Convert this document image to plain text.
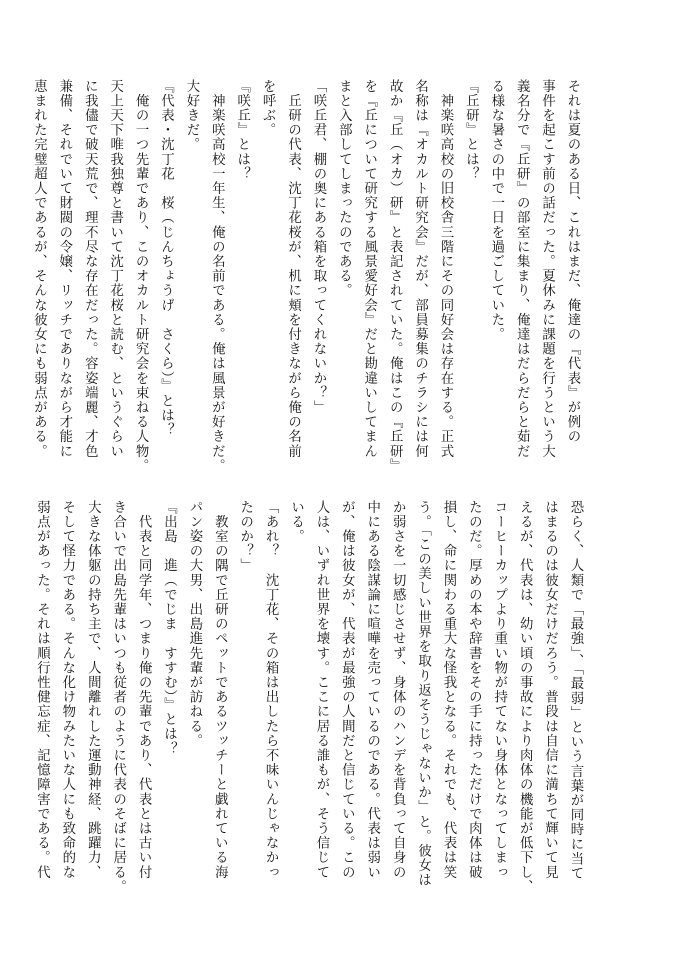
それは夏のある日、これはまだ、俺達の『代表』が例の
事件を起こす前の話だった。夏休みに課題を行うという大
義名分で『丘研』の部室に集まり、俺達はだらだらと茹だ
る様な暑さの中で一日を過ごしていた。
『丘研』とは？
　神楽咲高校の旧校舎三階にその同好会は存在する。正式
名称は『オカルト研究会』だが、部員募集のチラシには何
故か『丘（オカ）研』と表記されていた。俺はこの『丘研』
を『丘について研究する風景愛好会』だと勘違いしてまん
まと入部してしまったのである。
「咲丘君、棚の奥にある箱を取ってくれないか？」
　丘研の代表、沈丁花桜が、机に頬を付きながら俺の名前
を呼ぶ。
『咲丘』とは？
　神楽咲高校一年生、俺の名前である。俺は風景が好きだ。
大好きだ。
『代表・沈丁花　桜（じんちょうげ　さくら）』とは？
　俺の一つ先輩であり、このオカルト研究会を束ねる人物。
天上天下唯我独尊と書いて沈丁花桜と読む、というぐらい
に我儘で破天荒で、理不尽な存在だった。容姿端麗、才色
兼備、それでいて財閥の令嬢、リッチでありながら才能に
恵まれた完璧超人であるが、そんな彼女にも弱点がある。
恐らく、人類で「最強」、「最弱」という言葉が同時に当て
はまるのは彼女だけだろう。普段は自信に満ちて輝いて見
えるが、代表は、幼い頃の事故により肉体の機能が低下し、
コーヒーカップより重い物が持てない身体となってしまっ
たのだ。厚めの本や辞書をその手に持っただけで肉体は破
損し、命に関わる重大な怪我となる。それでも、代表は笑
う。「この美しい世界を取り返そうじゃないか」と。彼女は
か弱さを一切感じさせず、身体のハンデを背負って自身の
中にある陰謀論に喧嘩を売っているのである。代表は弱い
が、俺は彼女が、代表が最強の人間だと信じている。この
人は、いずれ世界を壊す。ここに居る誰もが、そう信じて
いる。
「あれ？　沈丁花、その箱は出したら不味いんじゃなかっ
たのか？」
　教室の隅で丘研のペットであるツッチーと戯れている海
パン姿の大男、出島進先輩が訪ねる。
『出島　進（でじま　すすむ）』とは？
　代表と同学年、つまり俺の先輩であり、代表とは古い付
き合いで出島先輩はいつも従者のように代表のそばに居る。
大きな体躯の持ち主で、人間離れした運動神経、跳躍力、
そして怪力である。そんな化け物みたいな人にも致命的な
弱点があった。それは順行性健忘症、記憶障害である。代
